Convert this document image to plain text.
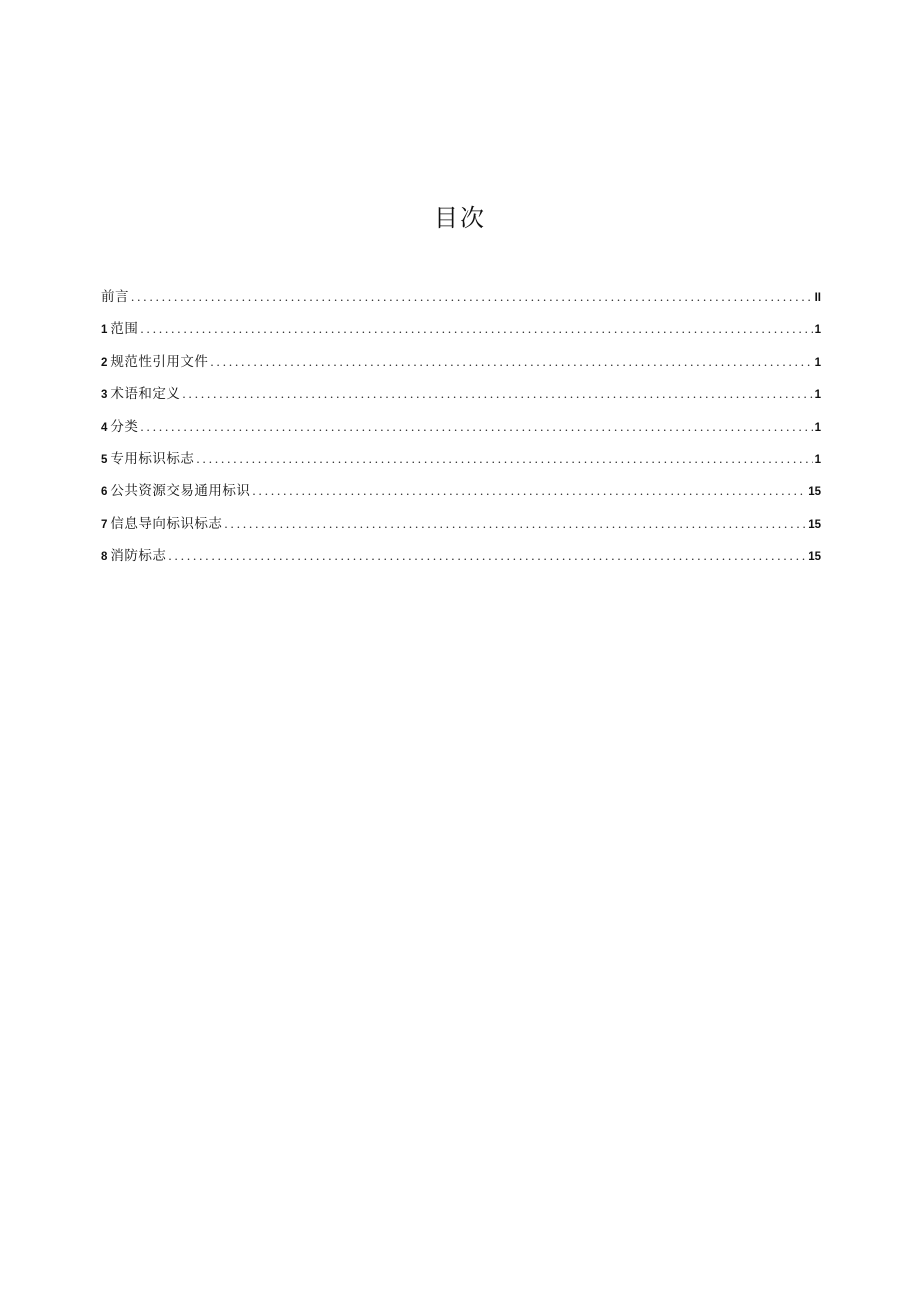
目次
前言 .....	II
1 范围 .....	1
2 规范性引用文件 .....	1
3 术语和定义 .....	1
4 分类 .....	1
5 专用标识标志 .....	1
6 公共资源交易通用标识 .....	15
7 信息导向标识标志 .....	15
8 消防标志 .....	15
